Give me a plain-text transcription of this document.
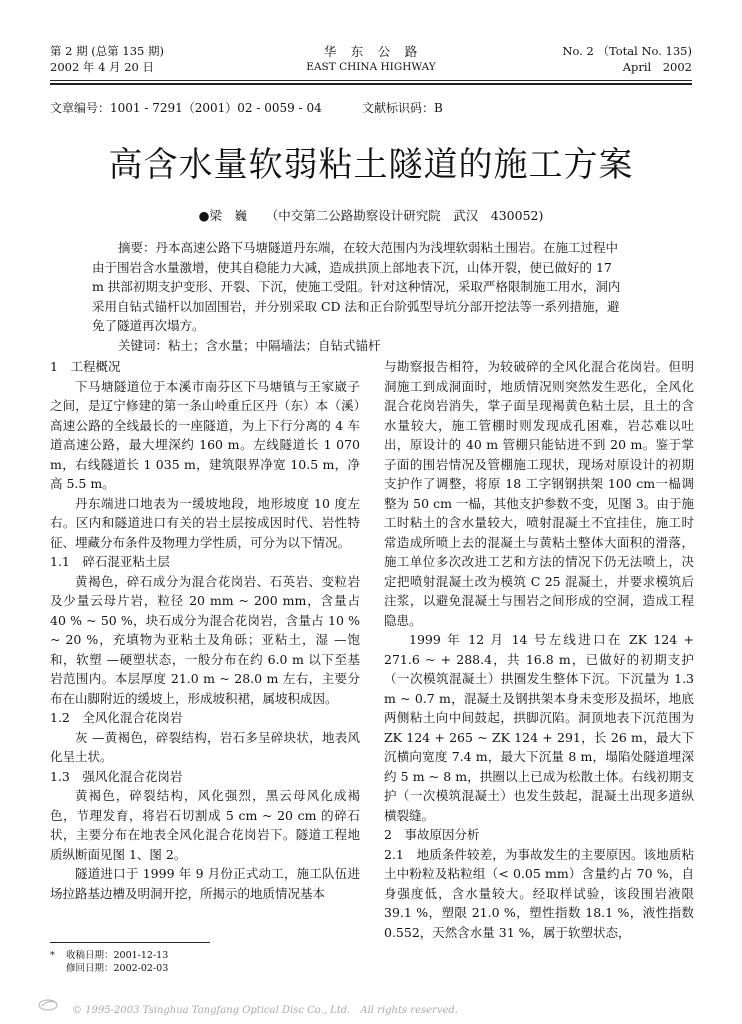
第 2 期 (总第 135 期)
2002 年 4 月 20 日
华　东　公　路
EAST CHINA HIGHWAY
No. 2 （Total No. 135)
April　2002
文章编号：1001 - 7291（2001）02 - 0059 - 04	文献标识码：B
高含水量软弱粘土隧道的施工方案
●梁　巍　　（中交第二公路勘察设计研究院　武汉　430052)
摘要：丹本高速公路下马塘隧道丹东端，在较大范围内为浅埋软弱粘土围岩。在施工过程中
由于围岩含水量激增，使其自稳能力大减，造成拱顶上部地表下沉，山体开裂，使已做好的 17
m 拱部初期支护变形、开裂、下沉，使施工受阻。针对这种情况，采取严格限制施工用水，洞内
采用自钻式锚杆以加固围岩，并分别采取 CD 法和正台阶弧型导坑分部开挖法等一系列措施，避
免了隧道再次塌方。
关键词：粘土；含水量；中隔墙法；自钻式锚杆
1　工程概况

下马塘隧道位于本溪市南芬区下马塘镇与王家崴子之间，是辽宁修建的第一条山岭重丘区丹（东）本（溪）高速公路的全线最长的一座隧道，为上下行分离的 4 车道高速公路，最大埋深约 160 m。左线隧道长 1 070 m，右线隧道长 1 035 m，建筑限界净宽 10.5 m，净高 5.5 m。

丹东端进口地表为一缓坡地段，地形坡度 10 度左右。区内和隧道进口有关的岩土层按成因时代、岩性特征、埋藏分布条件及物理力学性质，可分为以下情况。

1.1　碎石混亚粘土层

黄褐色，碎石成分为混合花岗岩、石英岩、变粒岩及少量云母片岩，粒径 20 mm ~ 200 mm，含量占 40 % ~ 50 %，块石成分为混合花岗岩，含量占 10 % ~ 20 %，充填物为亚粘土及角砾；亚粘土，湿 —饱和，软塑 —硬塑状态，一般分布在约 6.0 m 以下至基岩范围内。本层厚度 21.0 m ~ 28.0 m 左右，主要分布在山脚附近的缓坡上，形成坡积裙，属坡积成因。

1.2　全风化混合花岗岩

灰 —黄褐色，碎裂结构，岩石多呈碎块状，地表风化呈土状。

1.3　强风化混合花岗岩

黄褐色，碎裂结构，风化强烈，黑云母风化成褐色，节理发育，将岩石切割成 5 cm ~ 20 cm 的碎石状，主要分布在地表全风化混合花岗岩下。隧道工程地质纵断面见图 1、图 2。

隧道进口于 1999 年 9 月份正式动工，施工队伍进场拉路基边槽及明洞开挖，所揭示的地质情况基本

与勘察报告相符，为较破碎的全风化混合花岗岩。但明洞施工到成洞面时，地质情况则突然发生恶化，全风化混合花岗岩消失，掌子面呈现褐黄色粘土层，且土的含水量较大，施工管棚时则发现成孔困难，岩芯难以吐出，原设计的 40 m 管棚只能钻进不到 20 m。鉴于掌子面的围岩情况及管棚施工现状，现场对原设计的初期支护作了调整，将原 18 工字钢钢拱架 100 cm一榀调整为 50 cm 一榀，其他支护参数不变，见图 3。由于施工时粘土的含水量较大，喷射混凝土不宜挂住，施工时常造成所喷上去的混凝土与黄粘土整体大面积的滑落，施工单位多次改进工艺和方法的情况下仍无法喷上，决定把喷射混凝土改为模筑 C 25 混凝土，并要求模筑后注浆，以避免混凝土与围岩之间形成的空洞，造成工程隐患。

1999 年 12 月 14 号左线进口在 ZK 124 + 271.6 ~ + 288.4，共 16.8 m，已做好的初期支护（一次模筑混凝土）拱圈发生整体下沉。下沉量为 1.3 m ~ 0.7 m，混凝土及钢拱架本身未变形及损坏，地底两侧粘土向中间鼓起，拱脚沉陷。洞顶地表下沉范围为 ZK 124 + 265 ~ ZK 124 + 291，长 26 m，最大下沉横向宽度 7.4 m，最大下沉量 8 m，塌陷处隧道埋深约 5 m ~ 8 m，拱圈以上已成为松散土体。右线初期支护（一次模筑混凝土）也发生鼓起，混凝土出现多道纵横裂缝。

2　事故原因分析

2.1　地质条件较差，为事故发生的主要原因。该地质粘土中粉粒及粘粒组（< 0.05 mm）含量约占 70 %，自身强度低，含水量较大。经取样试验，该段围岩液限 39.1 %，塑限 21.0 %，塑性指数 18.1 %，液性指数 0.552，天然含水量 31 %，属于软塑状态，

* 收稿日期：2001-12-13
修回日期：2002-02-03
© 1995-2003 Tsinghua Tongfang Optical Disc Co., Ltd.　All rights reserved.
